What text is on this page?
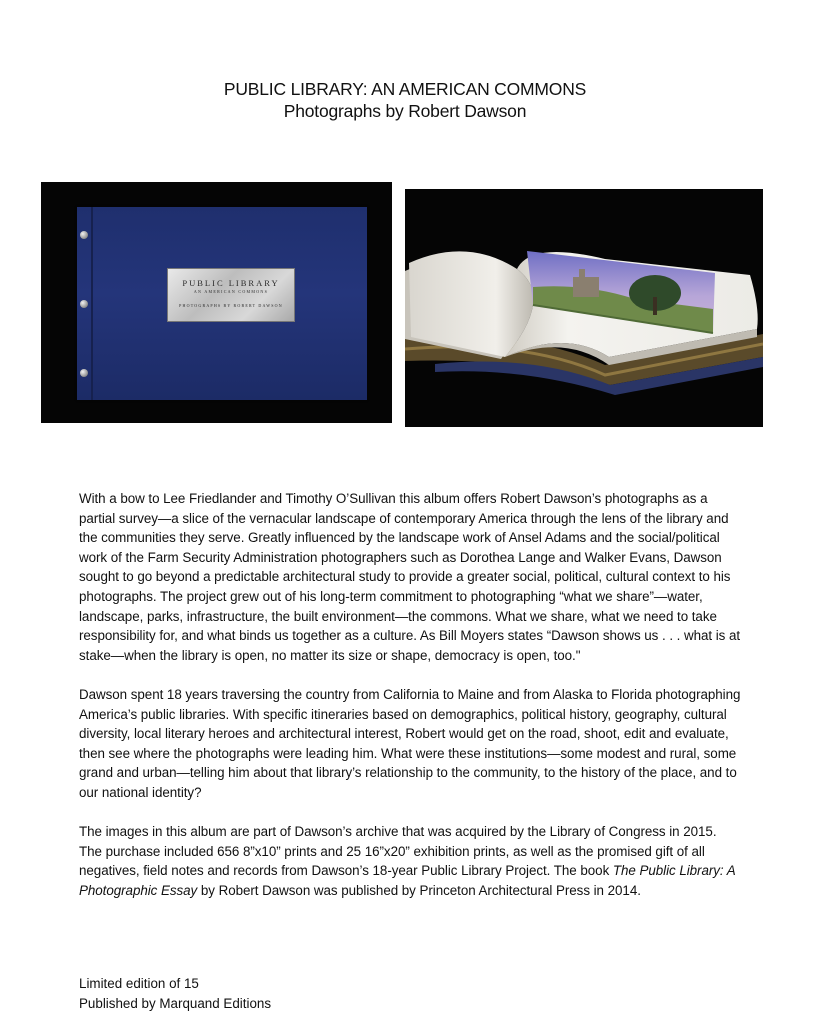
PUBLIC LIBRARY: AN AMERICAN COMMONS
Photographs by Robert Dawson
PUBLIC LIBRARY
AN AMERICAN COMMONS
PHOTOGRAPHS BY ROBERT DAWSON

With a bow to Lee Friedlander and Timothy O’Sullivan this album offers Robert Dawson’s photographs as a partial survey—a slice of the vernacular landscape of contemporary America through the lens of the library and the communities they serve. Greatly influenced by the landscape work of Ansel Adams and the social/political work of the Farm Security Administration photographers such as Dorothea Lange and Walker Evans, Dawson sought to go beyond a predictable architectural study to provide a greater social, political, cultural context to his photographs. The project grew out of his long-term commitment to photographing “what we share”—water, landscape, parks, infrastructure, the built environment—the commons. What we share, what we need to take responsibility for, and what binds us together as a culture. As Bill Moyers states “Dawson shows us . . . what is at stake—when the library is open, no matter its size or shape, democracy is open, too."

Dawson spent 18 years traversing the country from California to Maine and from Alaska to Florida photographing America’s public libraries. With specific itineraries based on demographics, political history, geography, cultural diversity, local literary heroes and architectural interest, Robert would get on the road, shoot, edit and evaluate, then see where the photographs were leading him. What were these institutions—some modest and rural, some grand and urban—telling him about that library’s relationship to the community, to the history of the place, and to our national identity?

The images in this album are part of Dawson’s archive that was acquired by the Library of Congress in 2015. The purchase included 656 8”x10” prints and 25 16”x20” exhibition prints, as well as the promised gift of all negatives, field notes and records from Dawson’s 18-year Public Library Project. The book The Public Library: A Photographic Essay by Robert Dawson was published by Princeton Architectural Press in 2014.

Limited edition of 15
Published by Marquand Editions
